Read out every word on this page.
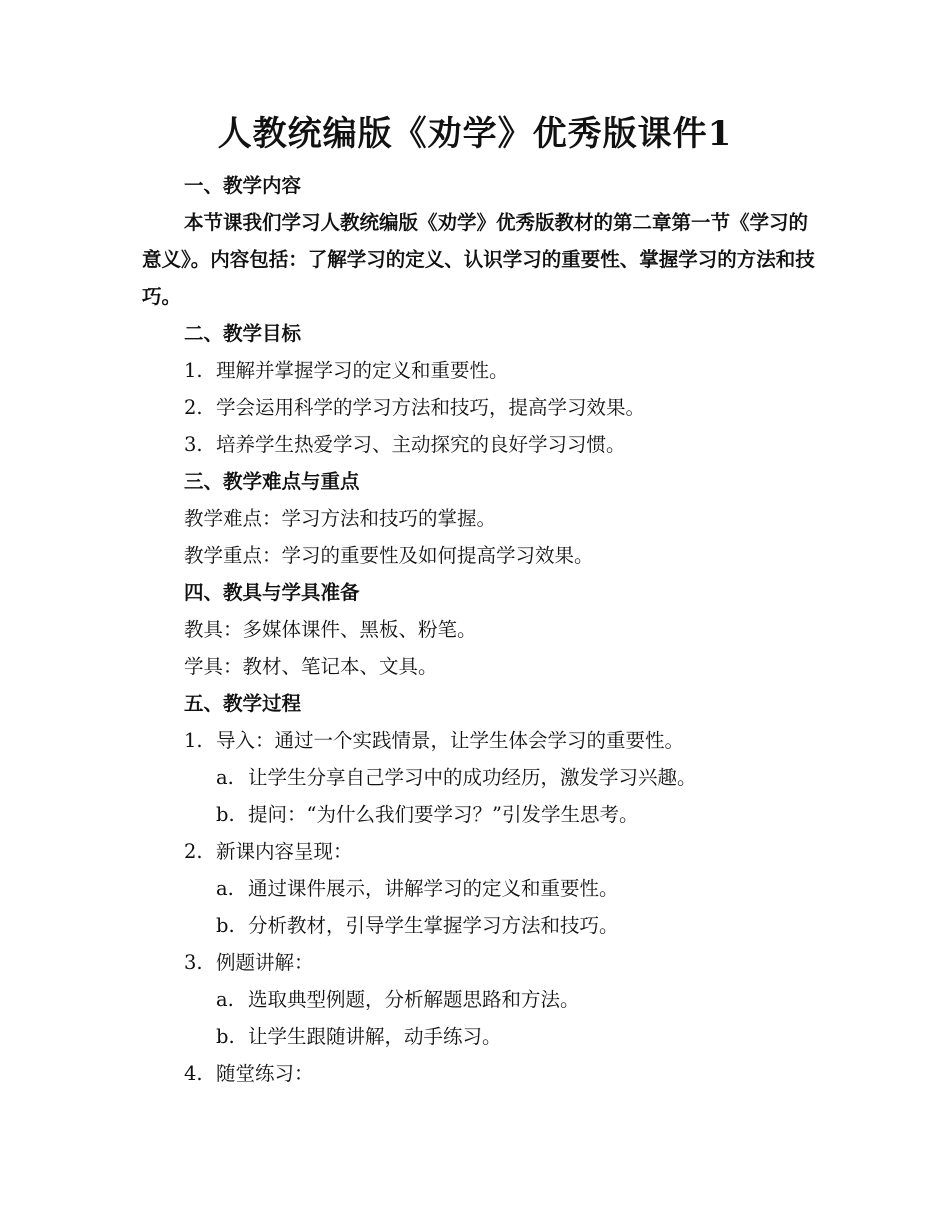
人教统编版《劝学》优秀版课件1
一、教学内容
本节课我们学习人教统编版《劝学》优秀版教材的第二章第一节《学习的意义》。内容包括：了解学习的定义、认识学习的重要性、掌握学习的方法和技巧。
二、教学目标
1. 理解并掌握学习的定义和重要性。
2. 学会运用科学的学习方法和技巧，提高学习效果。
3. 培养学生热爱学习、主动探究的良好学习习惯。
三、教学难点与重点
教学难点：学习方法和技巧的掌握。
教学重点：学习的重要性及如何提高学习效果。
四、教具与学具准备
教具：多媒体课件、黑板、粉笔。
学具：教材、笔记本、文具。
五、教学过程
1. 导入：通过一个实践情景，让学生体会学习的重要性。
a. 让学生分享自己学习中的成功经历，激发学习兴趣。
b. 提问：“为什么我们要学习？”引发学生思考。
2. 新课内容呈现：
a. 通过课件展示，讲解学习的定义和重要性。
b. 分析教材，引导学生掌握学习方法和技巧。
3. 例题讲解：
a. 选取典型例题，分析解题思路和方法。
b. 让学生跟随讲解，动手练习。
4. 随堂练习：
